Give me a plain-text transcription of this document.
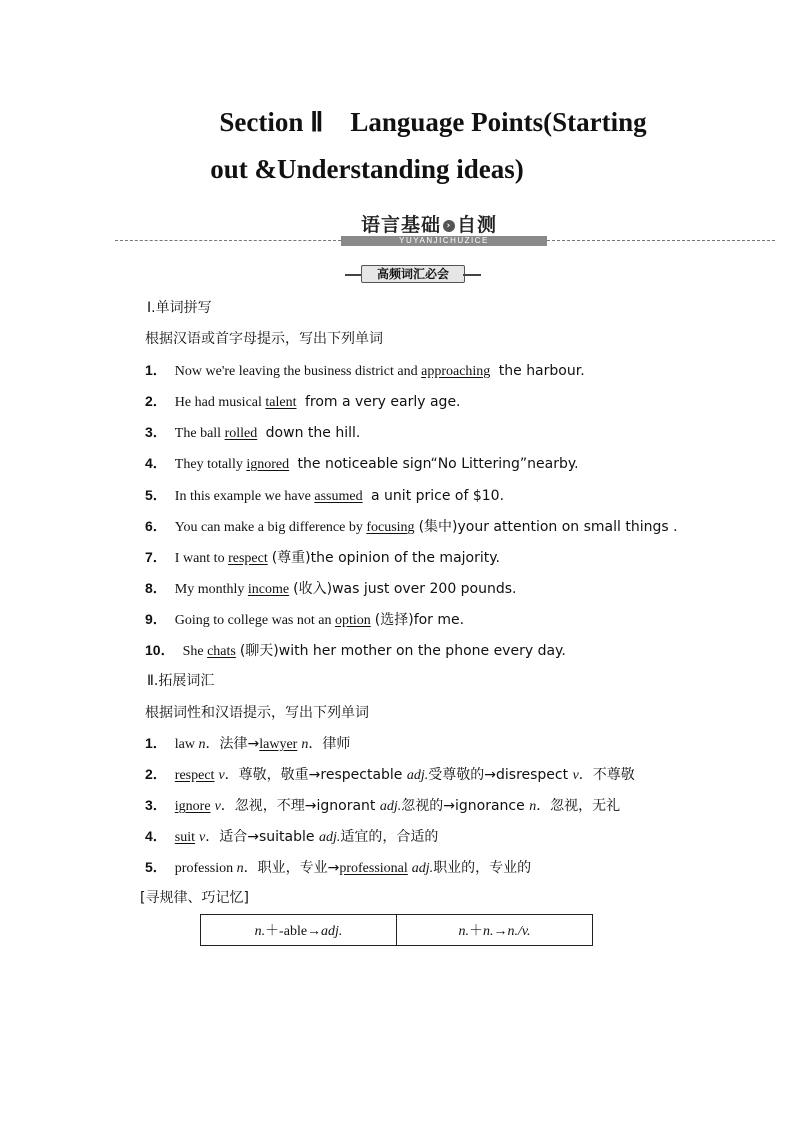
Section Ⅱ　Language Points(Starting
out &Understanding ideas)
YUYANJICHUZICE
语言基础 › 自测
高频词汇必会
Ⅰ.单词拼写
根据汉语或首字母提示，写出下列单词
1． Now we're leaving the business district and approaching the harbour.
2． He had musical talent from a very early age.
3． The ball rolled down the hill.
4． They totally ignored the noticeable sign“No Littering”nearby.
5． In this example we have assumed a unit price of $10.
6． You can make a big difference by focusing (集中)your attention on small things .
7． I want to respect (尊重)the opinion of the majority.
8． My monthly income (收入)was just over 200 pounds.
9． Going to college was not an option (选择)for me.
10． She chats (聊天)with her mother on the phone every day.
Ⅱ.拓展词汇
根据词性和汉语提示，写出下列单词
1． law n．法律→lawyer n．律师
2． respect v．尊敬，敬重→respectable adj.受尊敬的→disrespect v．不尊敬
3． ignore v．忽视，不理→ignorant adj.忽视的→ignorance n．忽视，无礼
4． suit v．适合→suitable adj.适宜的，合适的
5． profession n．职业，专业→professional adj.职业的，专业的
[寻规律、巧记忆]
n.＋-able→adj.	n.＋n.→n./v.
